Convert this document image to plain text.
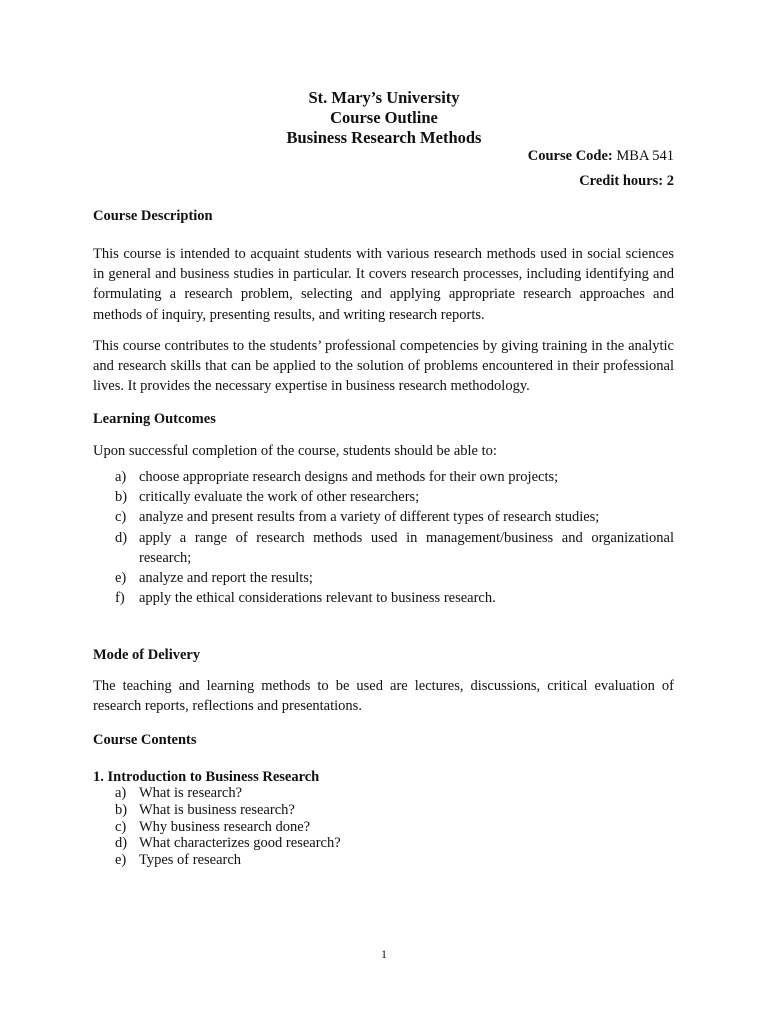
St. Mary’s University
Course Outline
Business Research Methods
Course Code: MBA 541
Credit hours: 2
Course Description
This course is intended to acquaint students with various research methods used in social sciences in general and business studies in particular. It covers research processes, including identifying and formulating a research problem, selecting and applying appropriate research approaches and methods of inquiry, presenting results, and writing research reports.
This course contributes to the students’ professional competencies by giving training in the analytic and research skills that can be applied to the solution of problems encountered in their professional lives. It provides the necessary expertise in business research methodology.
Learning Outcomes
Upon successful completion of the course, students should be able to:
a) choose appropriate research designs and methods for their own projects;
b) critically evaluate the work of other researchers;
c) analyze and present results from a variety of different types of research studies;
d) apply a range of research methods used in management/business and organizational research;
e) analyze and report the results;
f) apply the ethical considerations relevant to business research.
Mode of Delivery
The teaching and learning methods to be used are lectures, discussions, critical evaluation of research reports, reflections and presentations.
Course Contents
1. Introduction to Business Research
a) What is research?
b) What is business research?
c) Why business research done?
d) What characterizes good research?
e) Types of research
1
